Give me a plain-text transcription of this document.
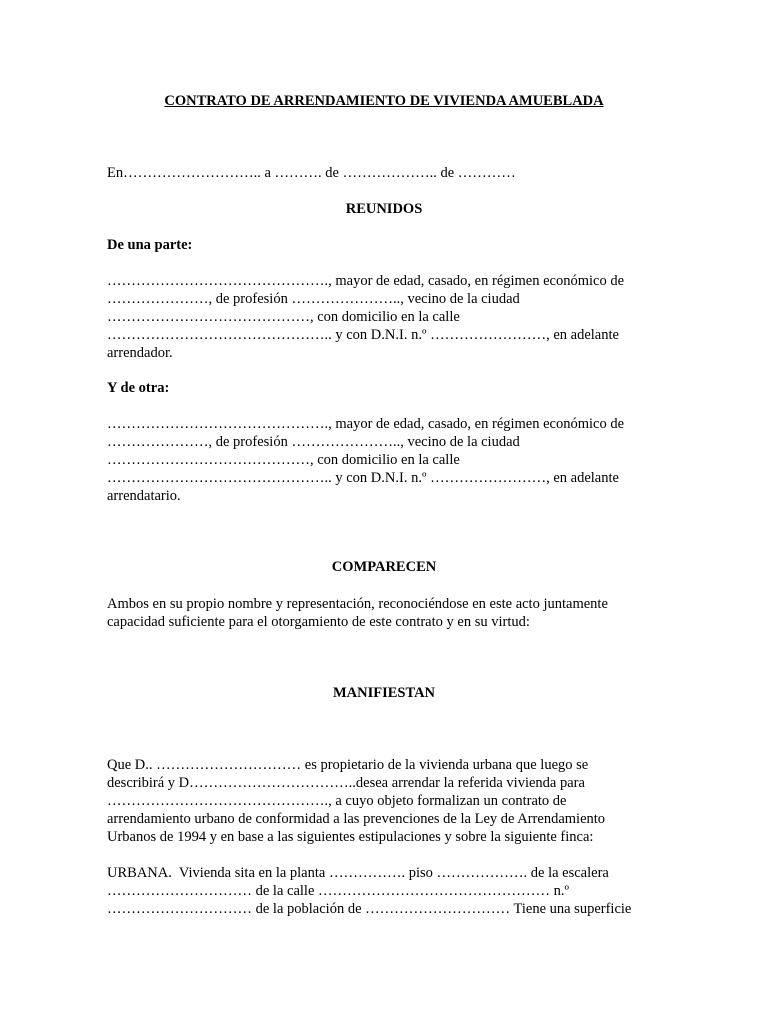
CONTRATO DE ARRENDAMIENTO DE VIVIENDA AMUEBLADA

En……………………….. a ………. de ……………….. de …………

REUNIDOS

De una parte:

………………………………………., mayor de edad, casado, en régimen económico de

…………………, de profesión ………………….., vecino de la ciudad

……………………………………, con domicilio en la calle

……………………………………….. y con D.N.I. n.º ……………………, en adelante

arrendador.

Y de otra:

………………………………………., mayor de edad, casado, en régimen económico de

…………………, de profesión ………………….., vecino de la ciudad

……………………………………, con domicilio en la calle

……………………………………….. y con D.N.I. n.º ……………………, en adelante

arrendatario.

COMPARECEN

Ambos en su propio nombre y representación, reconociéndose en este acto juntamente

capacidad suficiente para el otorgamiento de este contrato y en su virtud:

MANIFIESTAN

Que D.. ………………………… es propietario de la vivienda urbana que luego se

describirá y D……………………………..desea arrendar la referida vivienda para

………………………………………., a cuyo objeto formalizan un contrato de

arrendamiento urbano de conformidad a las prevenciones de la Ley de Arrendamiento

Urbanos de 1994 y en base a las siguientes estipulaciones y sobre la siguiente finca:

URBANA.  Vivienda sita en la planta ……………. piso ………………. de la escalera

………………………… de la calle ………………………………………… n.º

………………………… de la población de ………………………… Tiene una superficie
